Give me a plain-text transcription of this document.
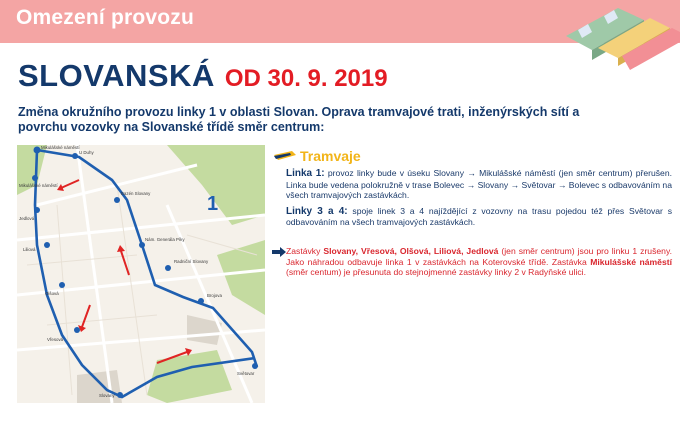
Omezení provozu
SLOVANSKÁ OD 30. 9. 2019
Změna okružního provozu linky 1 v oblasti Slovan. Oprava tramvajové trati, inženýrských sítí a povrchu vozovky na Slovanské třídě směr centrum:
1
Mikulášské náměstí
U Duhy
Mikulášské náměstí
Jedlová
Liliová
Olšová
Vřesová
Slovany
Bazén Slovany
Nám. Generála Píky
Radniční Slovany
Brojova
Světovar
Tramvaje
Linka 1: provoz linky bude v úseku Slovany → Mikulášské náměstí (jen směr centrum) přerušen. Linka bude vedena polokružně v trase Bolevec → Slovany → Světovar → Bolevec s odbavováním na všech tramvajových zastávkách.
Linky 3 a 4: spoje linek 3 a 4 najíždějící z vozovny na trasu pojedou též přes Světovar s odbavováním na všech tramvajových zastávkách.
Zastávky Slovany, Vřesová, Olšová, Liliová, Jedlová (jen směr centrum) jsou pro linku 1 zrušeny. Jako náhradou odbavuje linka 1 v zastávkách na Koterovské třídě. Zastávka Mikulášské náměstí (směr centum) je přesunuta do stejnojmenné zastávky linky 2 v Radyňské ulici.
